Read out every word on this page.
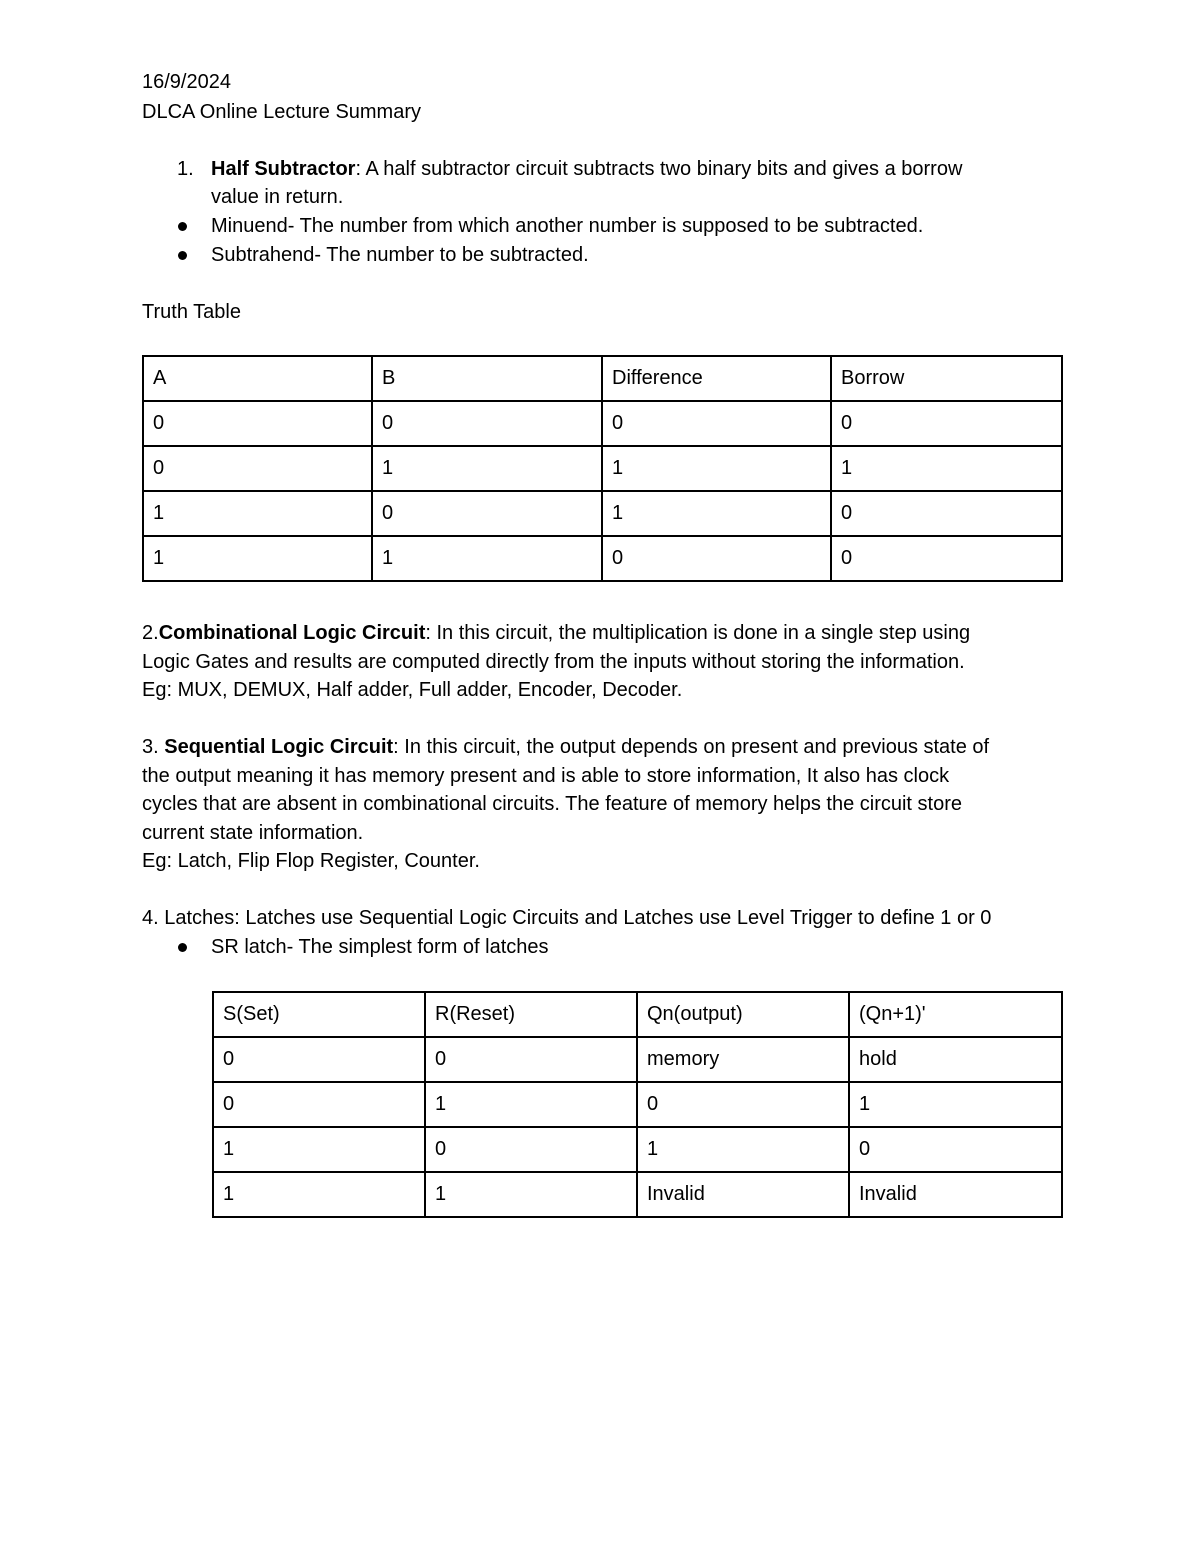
16/9/2024
DLCA Online Lecture Summary
1. Half Subtractor: A half subtractor circuit subtracts two binary bits and gives a borrow
value in return.
Minuend- The number from which another number is supposed to be subtracted.
Subtrahend- The number to be subtracted.
Truth Table
A	B	Difference	Borrow
0	0	0	0
0	1	1	1
1	0	1	0
1	1	0	0
2.Combinational Logic Circuit: In this circuit, the multiplication is done in a single step using
Logic Gates and results are computed directly from the inputs without storing the information.
Eg: MUX, DEMUX, Half adder, Full adder, Encoder, Decoder.
3. Sequential Logic Circuit: In this circuit, the output depends on present and previous state of
the output meaning it has memory present and is able to store information, It also has clock
cycles that are absent in combinational circuits. The feature of memory helps the circuit store
current state information.
Eg: Latch, Flip Flop Register, Counter.
4. Latches: Latches use Sequential Logic Circuits and Latches use Level Trigger to define 1 or 0
SR latch- The simplest form of latches
S(Set)	R(Reset)	Qn(output)	(Qn+1)'
0	0	memory	hold
0	1	0	1
1	0	1	0
1	1	Invalid	Invalid
